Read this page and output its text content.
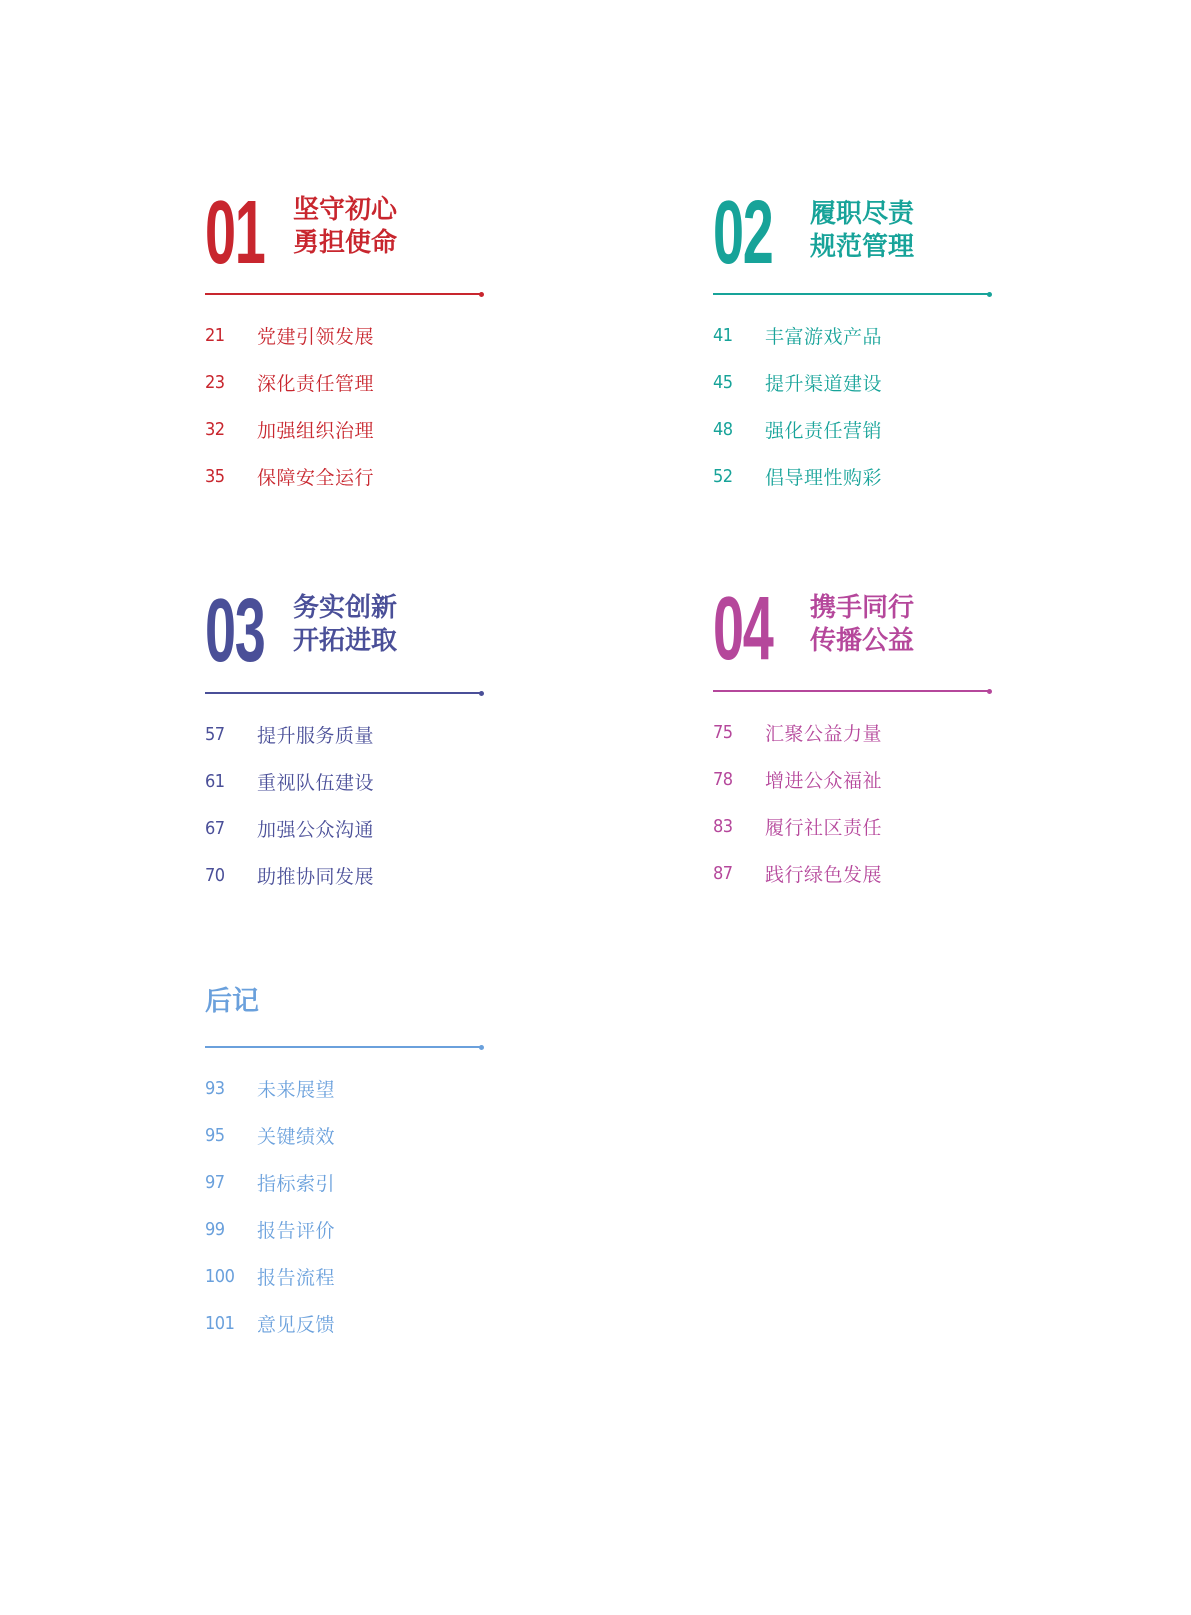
01 坚守初心
勇担使命
21	党建引领发展
23	深化责任管理
32	加强组织治理
35	保障安全运行
02 履职尽责
规范管理
41	丰富游戏产品
45	提升渠道建设
48	强化责任营销
52	倡导理性购彩
03 务实创新
开拓进取
57	提升服务质量
61	重视队伍建设
67	加强公众沟通
70	助推协同发展
04 携手同行
传播公益
75	汇聚公益力量
78	增进公众福祉
83	履行社区责任
87	践行绿色发展
后记
93	未来展望
95	关键绩效
97	指标索引
99	报告评价
100	报告流程
101	意见反馈
